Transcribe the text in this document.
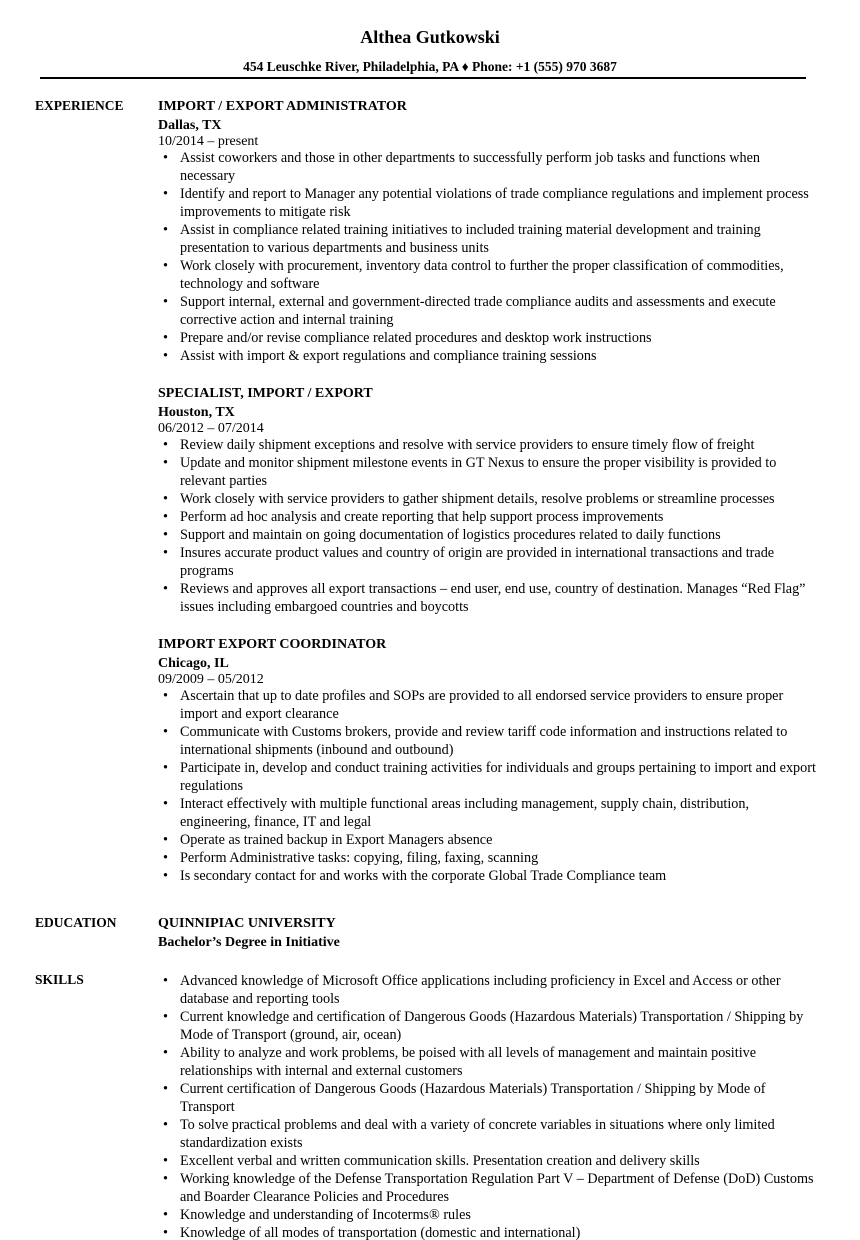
Althea Gutkowski
454 Leuschke River, Philadelphia, PA ♦ Phone: +1 (555) 970 3687
EXPERIENCE	IMPORT / EXPORT ADMINISTRATOR
Dallas, TX
10/2014 – present
• Assist coworkers and those in other departments to successfully perform job tasks and functions when necessary
• Identify and report to Manager any potential violations of trade compliance regulations and implement process improvements to mitigate risk
• Assist in compliance related training initiatives to included training material development and training presentation to various departments and business units
• Work closely with procurement, inventory data control to further the proper classification of commodities, technology and software
• Support internal, external and government-directed trade compliance audits and assessments and execute corrective action and internal training
• Prepare and/or revise compliance related procedures and desktop work instructions
• Assist with import & export regulations and compliance training sessions
SPECIALIST, IMPORT / EXPORT
Houston, TX
06/2012 – 07/2014
• Review daily shipment exceptions and resolve with service providers to ensure timely flow of freight
• Update and monitor shipment milestone events in GT Nexus to ensure the proper visibility is provided to relevant parties
• Work closely with service providers to gather shipment details, resolve problems or streamline processes
• Perform ad hoc analysis and create reporting that help support process improvements
• Support and maintain on going documentation of logistics procedures related to daily functions
• Insures accurate product values and country of origin are provided in international transactions and trade programs
• Reviews and approves all export transactions – end user, end use, country of destination. Manages “Red Flag” issues including embargoed countries and boycotts
IMPORT EXPORT COORDINATOR
Chicago, IL
09/2009 – 05/2012
• Ascertain that up to date profiles and SOPs are provided to all endorsed service providers to ensure proper import and export clearance
• Communicate with Customs brokers, provide and review tariff code information and instructions related to international shipments (inbound and outbound)
• Participate in, develop and conduct training activities for individuals and groups pertaining to import and export regulations
• Interact effectively with multiple functional areas including management, supply chain, distribution, engineering, finance, IT and legal
• Operate as trained backup in Export Managers absence
• Perform Administrative tasks: copying, filing, faxing, scanning
• Is secondary contact for and works with the corporate Global Trade Compliance team
EDUCATION	QUINNIPIAC UNIVERSITY
Bachelor’s Degree in Initiative
SKILLS
•	Advanced knowledge of Microsoft Office applications including proficiency in Excel and Access or other database and reporting tools
• Current knowledge and certification of Dangerous Goods (Hazardous Materials) Transportation / Shipping by Mode of Transport (ground, air, ocean)
• Ability to analyze and work problems, be poised with all levels of management and maintain positive relationships with internal and external customers
• Current certification of Dangerous Goods (Hazardous Materials) Transportation / Shipping by Mode of Transport
• To solve practical problems and deal with a variety of concrete variables in situations where only limited standardization exists
• Excellent verbal and written communication skills. Presentation creation and delivery skills
• Working knowledge of the Defense Transportation Regulation Part V – Department of Defense (DoD) Customs and Boarder Clearance Policies and Procedures
• Knowledge and understanding of Incoterms® rules
• Knowledge of all modes of transportation (domestic and international)
